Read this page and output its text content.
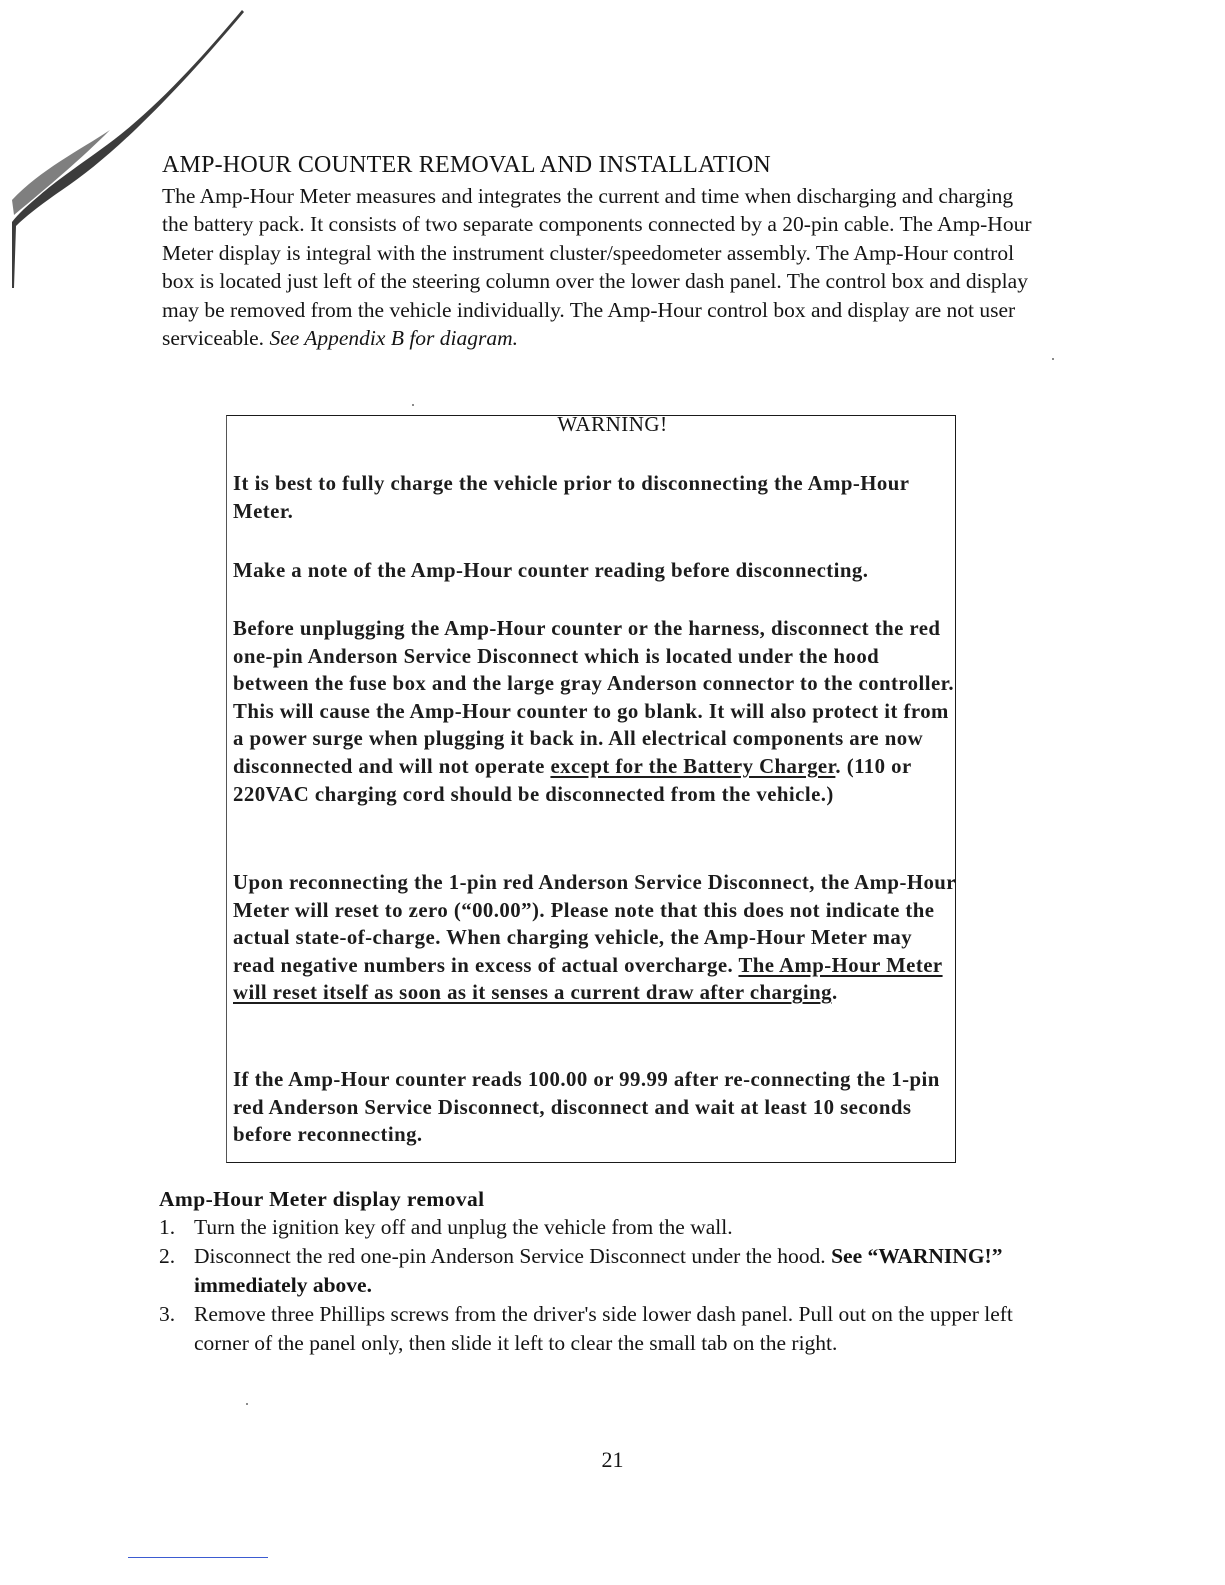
AMP-HOUR COUNTER REMOVAL AND INSTALLATION
The Amp-Hour Meter measures and integrates the current and time when discharging and charging the battery pack. It consists of two separate components connected by a 20-pin cable. The Amp-Hour Meter display is integral with the instrument cluster/speedometer assembly. The Amp-Hour control box is located just left of the steering column over the lower dash panel. The control box and display may be removed from the vehicle individually. The Amp-Hour control box and display are not user serviceable. See Appendix B for diagram.
WARNING!
It is best to fully charge the vehicle prior to disconnecting the Amp-Hour Meter.
Make a note of the Amp-Hour counter reading before disconnecting.
Before unplugging the Amp-Hour counter or the harness, disconnect the red one-pin Anderson Service Disconnect which is located under the hood between the fuse box and the large gray Anderson connector to the controller. This will cause the Amp-Hour counter to go blank. It will also protect it from a power surge when plugging it back in. All electrical components are now disconnected and will not operate except for the Battery Charger. (110 or 220VAC charging cord should be disconnected from the vehicle.)
Upon reconnecting the 1-pin red Anderson Service Disconnect, the Amp-Hour Meter will reset to zero (“00.00”). Please note that this does not indicate the actual state-of-charge. When charging vehicle, the Amp-Hour Meter may read negative numbers in excess of actual overcharge. The Amp-Hour Meter will reset itself as soon as it senses a current draw after charging.
If the Amp-Hour counter reads 100.00 or 99.99 after re-connecting the 1-pin red Anderson Service Disconnect, disconnect and wait at least 10 seconds before reconnecting.
Amp-Hour Meter display removal
1. Turn the ignition key off and unplug the vehicle from the wall.
2. Disconnect the red one-pin Anderson Service Disconnect under the hood. See “WARNING!” immediately above.
3. Remove three Phillips screws from the driver's side lower dash panel. Pull out on the upper left corner of the panel only, then slide it left to clear the small tab on the right.
21
